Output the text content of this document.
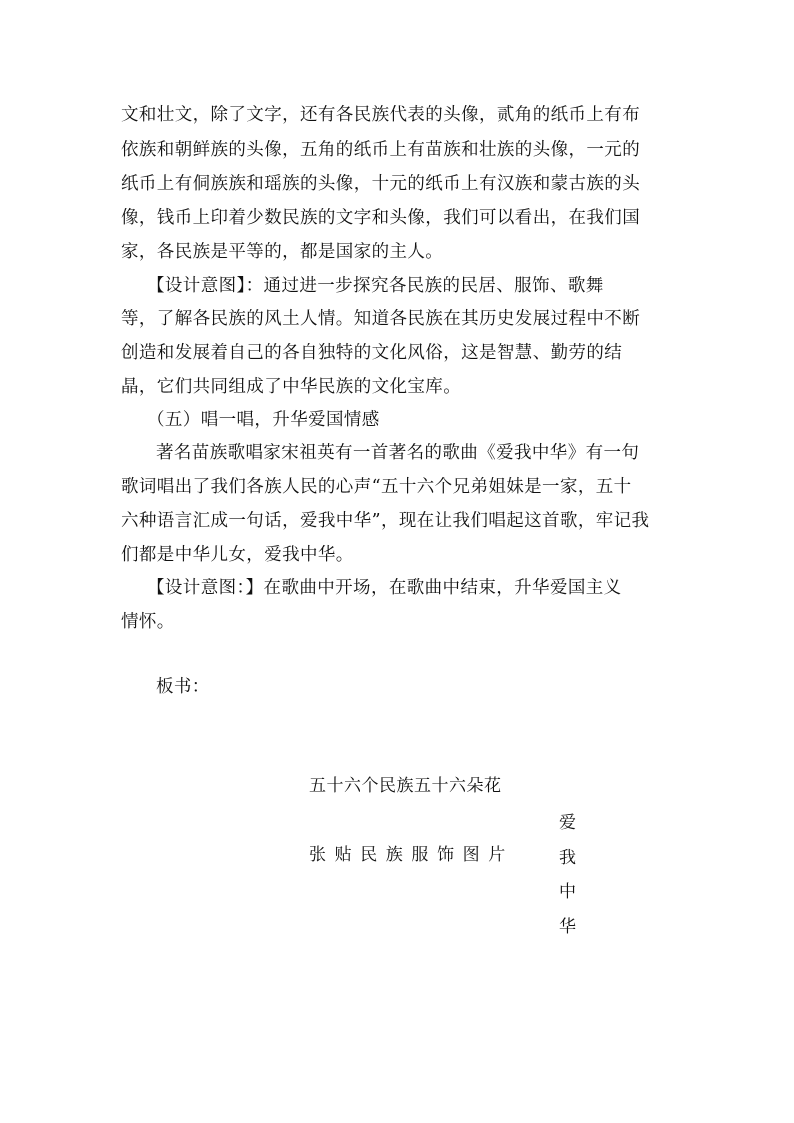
文和壮文，除了文字，还有各民族代表的头像，贰角的纸币上有布
依族和朝鲜族的头像，五角的纸币上有苗族和壮族的头像，一元的
纸币上有侗族族和瑶族的头像，十元的纸币上有汉族和蒙古族的头
像，钱币上印着少数民族的文字和头像，我们可以看出，在我们国
家，各民族是平等的，都是国家的主人。
【设计意图】：通过进一步探究各民族的民居、服饰、歌舞
等，了解各民族的风土人情。知道各民族在其历史发展过程中不断
创造和发展着自己的各自独特的文化风俗，这是智慧、勤劳的结
晶，它们共同组成了中华民族的文化宝库。
（五）唱一唱，升华爱国情感
著名苗族歌唱家宋祖英有一首著名的歌曲《爱我中华》有一句
歌词唱出了我们各族人民的心声“五十六个兄弟姐妹是一家，五十
六种语言汇成一句话，爱我中华”，现在让我们唱起这首歌，牢记我
们都是中华儿女，爱我中华。
【设计意图：】在歌曲中开场，在歌曲中结束，升华爱国主义
情怀。
板书：
五十六个民族五十六朵花
张贴民族服饰图片
爱我中华
